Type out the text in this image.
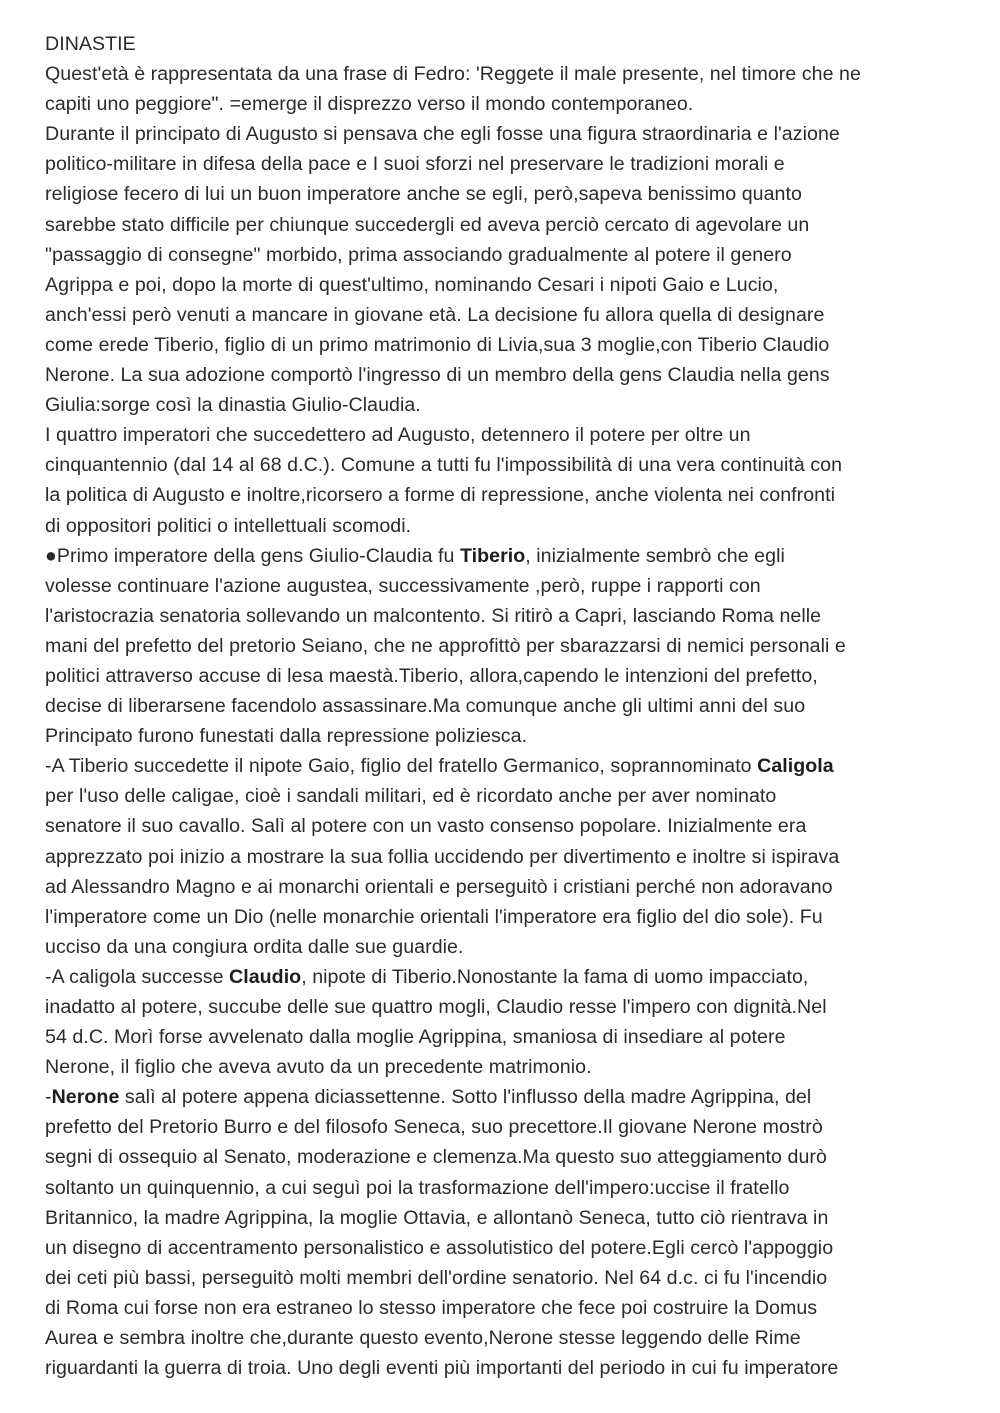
DINASTIE
Quest'età è rappresentata da una frase di Fedro: 'Reggete il male presente, nel timore che ne
capiti uno peggiore". =emerge il disprezzo verso il mondo contemporaneo.
Durante il principato di Augusto si pensava che egli fosse una figura straordinaria e l'azione
politico-militare in difesa della pace e I suoi sforzi nel preservare le tradizioni morali e
religiose fecero di lui un buon imperatore anche se egli, però,sapeva benissimo quanto
sarebbe stato difficile per chiunque succedergli ed aveva perciò cercato di agevolare un
"passaggio di consegne" morbido, prima associando gradualmente al potere il genero
Agrippa e poi, dopo la morte di quest'ultimo, nominando Cesari i nipoti Gaio e Lucio,
anch'essi però venuti a mancare in giovane età. La decisione fu allora quella di designare
come erede Tiberio, figlio di un primo matrimonio di Livia,sua 3 moglie,con Tiberio Claudio
Nerone. La sua adozione comportò l'ingresso di un membro della gens Claudia nella gens
Giulia:sorge così la dinastia Giulio-Claudia.
I quattro imperatori che succedettero ad Augusto, detennero il potere per oltre un
cinquantennio (dal 14 al 68 d.C.). Comune a tutti fu l'impossibilità di una vera continuità con
la politica di Augusto e inoltre,ricorsero a forme di repressione, anche violenta nei confronti
di oppositori politici o intellettuali scomodi.
●Primo imperatore della gens Giulio-Claudia fu Tiberio, inizialmente sembrò che egli
volesse continuare l'azione augustea, successivamente ,però, ruppe i rapporti con
l'aristocrazia senatoria sollevando un malcontento. Si ritirò a Capri, lasciando Roma nelle
mani del prefetto del pretorio Seiano, che ne approfittò per sbarazzarsi di nemici personali e
politici attraverso accuse di lesa maestà.Tiberio, allora,capendo le intenzioni del prefetto,
decise di liberarsene facendolo assassinare.Ma comunque anche gli ultimi anni del suo
Principato furono funestati dalla repressione poliziesca.
-A Tiberio succedette il nipote Gaio, figlio del fratello Germanico, soprannominato Caligola
per l'uso delle caligae, cioè i sandali militari, ed è ricordato anche per aver nominato
senatore il suo cavallo. Salì al potere con un vasto consenso popolare. Inizialmente era
apprezzato poi inizio a mostrare la sua follia uccidendo per divertimento e inoltre si ispirava
ad Alessandro Magno e ai monarchi orientali e perseguitò i cristiani perché non adoravano
l'imperatore come un Dio (nelle monarchie orientali l'imperatore era figlio del dio sole). Fu
ucciso da una congiura ordita dalle sue guardie.
-A caligola successe Claudio, nipote di Tiberio.Nonostante la fama di uomo impacciato,
inadatto al potere, succube delle sue quattro mogli, Claudio resse l'impero con dignità.Nel
54 d.C. Morì forse avvelenato dalla moglie Agrippina, smaniosa di insediare al potere
Nerone, il figlio che aveva avuto da un precedente matrimonio.
-Nerone salì al potere appena diciassettenne. Sotto l'influsso della madre Agrippina, del
prefetto del Pretorio Burro e del filosofo Seneca, suo precettore.Il giovane Nerone mostrò
segni di ossequio al Senato, moderazione e clemenza.Ma questo suo atteggiamento durò
soltanto un quinquennio, a cui seguì poi la trasformazione dell'impero:uccise il fratello
Britannico, la madre Agrippina, la moglie Ottavia, e allontanò Seneca, tutto ciò rientrava in
un disegno di accentramento personalistico e assolutistico del potere.Egli cercò l'appoggio
dei ceti più bassi, perseguitò molti membri dell'ordine senatorio. Nel 64 d.c. ci fu l'incendio
di Roma cui forse non era estraneo lo stesso imperatore che fece poi costruire la Domus
Aurea e sembra inoltre che,durante questo evento,Nerone stesse leggendo delle Rime
riguardanti la guerra di troia. Uno degli eventi più importanti del periodo in cui fu imperatore
